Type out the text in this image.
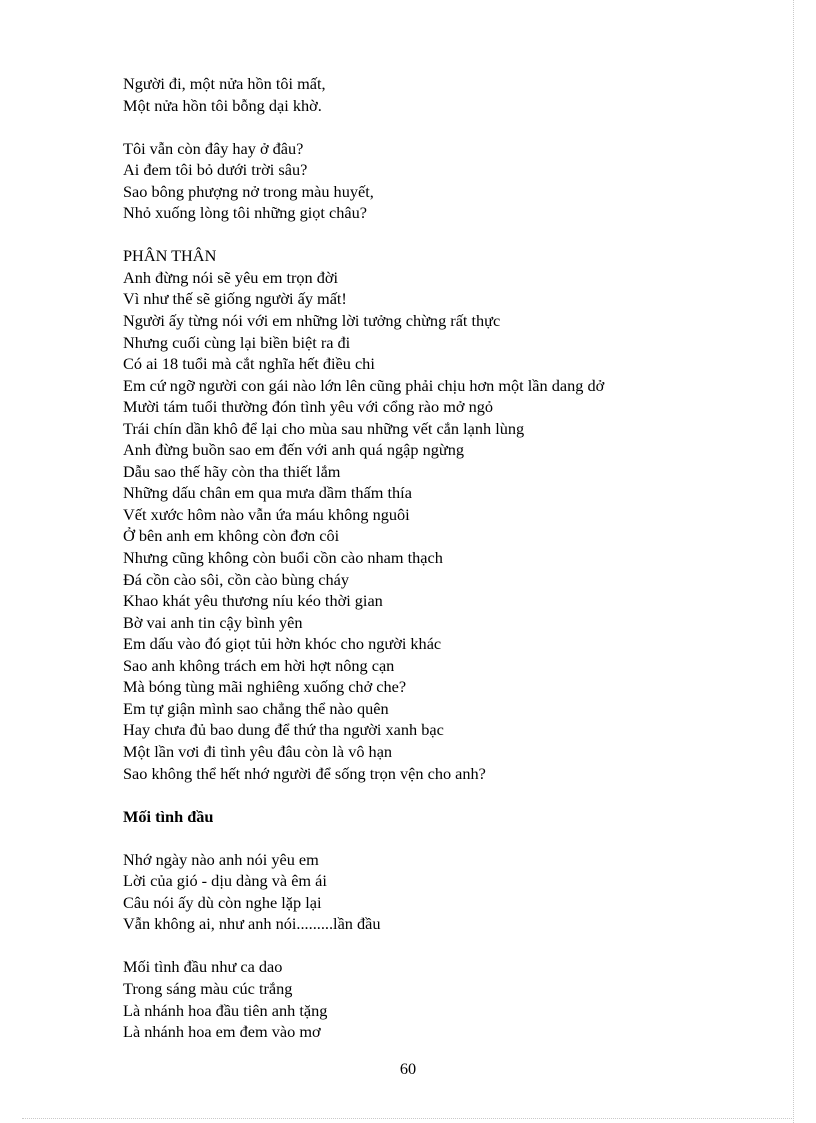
Người đi, một nửa hồn tôi mất,
Một nửa hồn tôi bỗng dại khờ.
Tôi vẫn còn đây hay ở đâu?
Ai đem tôi bỏ dưới trời sâu?
Sao bông phượng nở trong màu huyết,
Nhỏ xuống lòng tôi những giọt châu?
PHÂN THÂN
Anh đừng nói sẽ yêu em trọn đời
Vì như thế sẽ giống người ấy mất!
Người ấy từng nói với em những lời tưởng chừng rất thực
Nhưng cuối cùng lại biền biệt ra đi
Có ai 18 tuổi mà cắt nghĩa hết điều chi
Em cứ ngỡ người con gái nào lớn lên cũng phải chịu hơn một lần dang dở
Mười tám tuổi thường đón tình yêu với cổng rào mở ngỏ
Trái chín dần khô để lại cho mùa sau những vết cắn lạnh lùng
Anh đừng buồn sao em đến với anh quá ngập ngừng
Dẫu sao thế hãy còn tha thiết lắm
Những dấu chân em qua mưa dầm thấm thía
Vết xước hôm nào vẫn ứa máu không nguôi
Ở bên anh em không còn đơn côi
Nhưng cũng không còn buổi cồn cào nham thạch
Đá cồn cào sôi, cồn cào bùng cháy
Khao khát yêu thương níu kéo thời gian
Bờ vai anh tin cậy bình yên
Em dấu vào đó giọt tủi hờn khóc cho người khác
Sao anh không trách em hời hợt nông cạn
Mà bóng tùng mãi nghiêng xuống chở che?
Em tự giận mình sao chẳng thể nào quên
Hay chưa đủ bao dung để thứ tha người xanh bạc
Một lần vơi đi tình yêu đâu còn là vô hạn
Sao không thể hết nhớ người để sống trọn vện cho anh?
Mối tình đầu
Nhớ ngày nào anh nói yêu em
Lời của gió - dịu dàng và êm ái
Câu nói ấy dù còn nghe lặp lại
Vẫn không ai, như anh nói.........lần đầu
Mối tình đầu như ca dao
Trong sáng màu cúc trắng
Là nhánh hoa đầu tiên anh tặng
Là nhánh hoa em đem vào mơ
60
